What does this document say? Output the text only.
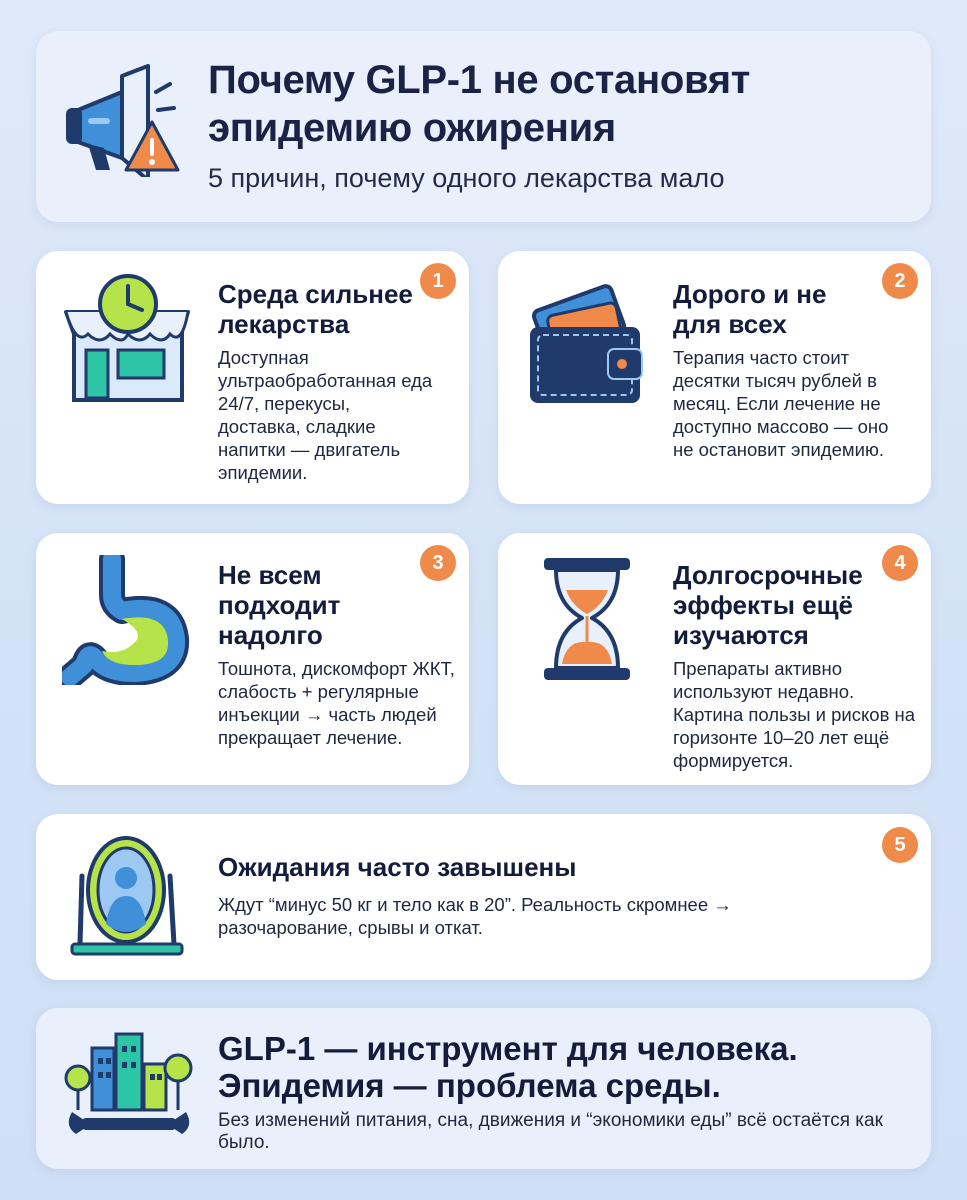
Почему GLP-1 не остановят эпидемию ожирения
5 причин, почему одного лекарства мало
Среда сильнее лекарства
Доступная ультраобработанная еда 24/7, перекусы, доставка, сладкие напитки — двигатель эпидемии.
1	Дорого и не для всех
Терапия часто стоит десятки тысяч рублей в месяц. Если лечение не доступно массово — оно не остановит эпидемию.
2
Не всем подходит надолго
Тошнота, дискомфорт ЖКТ, слабость + регулярные инъекции → часть людей прекращает лечение.
3	Долгосрочные эффекты ещё изучаются
Препараты активно используют недавно. Картина пользы и рисков на горизонте 10–20 лет ещё формируется.
4
Ожидания часто завышены
Ждут “минус 50 кг и тело как в 20”. Реальность скромнее → разочарование, срывы и откат.
5
GLP-1 — инструмент для человека. Эпидемия — проблема среды.
Без изменений питания, сна, движения и “экономики еды” всё остаётся как было.
